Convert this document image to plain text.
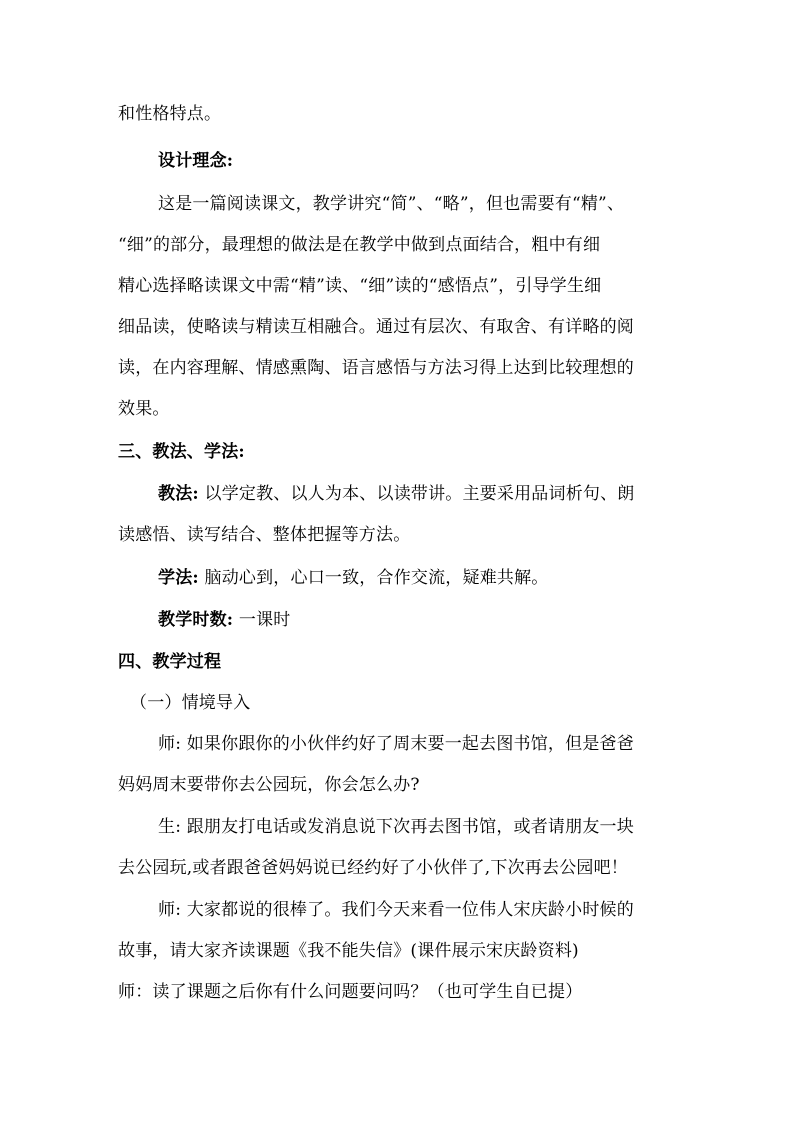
和性格特点。
设计理念:
这是一篇阅读课文，教学讲究“简”、“略”，但也需要有“精”、
“细”的部分，最理想的做法是在教学中做到点面结合，粗中有细
精心选择略读课文中需“精”读、“细”读的“感悟点”，引导学生细
细品读，使略读与精读互相融合。通过有层次、有取舍、有详略的阅
读，在内容理解、情感熏陶、语言感悟与方法习得上达到比较理想的
效果。
三、教法、学法:
教法: 以学定教、以人为本、以读带讲。主要采用品词析句、朗
读感悟、读写结合、整体把握等方法。
学法: 脑动心到，心口一致，合作交流，疑难共解。
教学时数: 一课时
四、教学过程
（一）情境导入
师: 如果你跟你的小伙伴约好了周末要一起去图书馆，但是爸爸
妈妈周末要带你去公园玩，你会怎么办?
生: 跟朋友打电话或发消息说下次再去图书馆，或者请朋友一块
去公园玩,或者跟爸爸妈妈说已经约好了小伙伴了,下次再去公园吧！
师: 大家都说的很棒了。我们今天来看一位伟人宋庆龄小时候的
故事，请大家齐读课题《我不能失信》(课件展示宋庆龄资料)
师：读了课题之后你有什么问题要问吗？（也可学生自已提）
